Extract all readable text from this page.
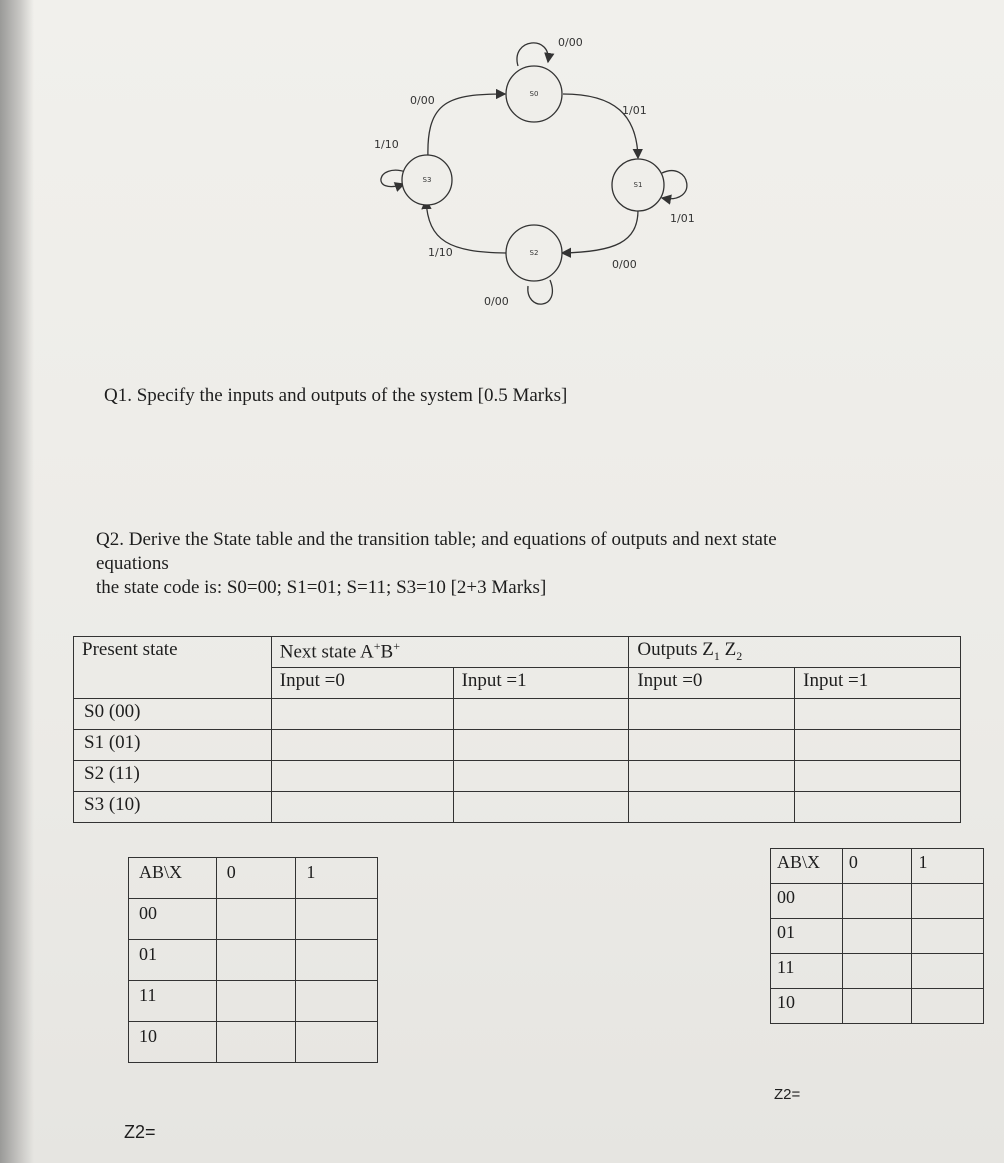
S0
S1
S2
S3
0/00
1/01
1/01
0/00
0/00
1/10
1/10
0/00
Q1. Specify the inputs and outputs of the system [0.5 Marks]
Q2. Derive the State table and the transition table; and equations of outputs and next state
equations
the state code is: S0=00; S1=01; S=11; S3=10 [2+3 Marks]
Present state	Next state A+B+		Outputs $Z_1$ $Z_2$
	Input =0	Input =1	Input =0	Input =1
S0 (00)				
S1 (01)				
S2 (11)				
S3 (10)				
AB\X	0	1
00		
01		
11		
10		
AB\X	0	1
00		
01		
11		
10		
Z2=
Z2=
